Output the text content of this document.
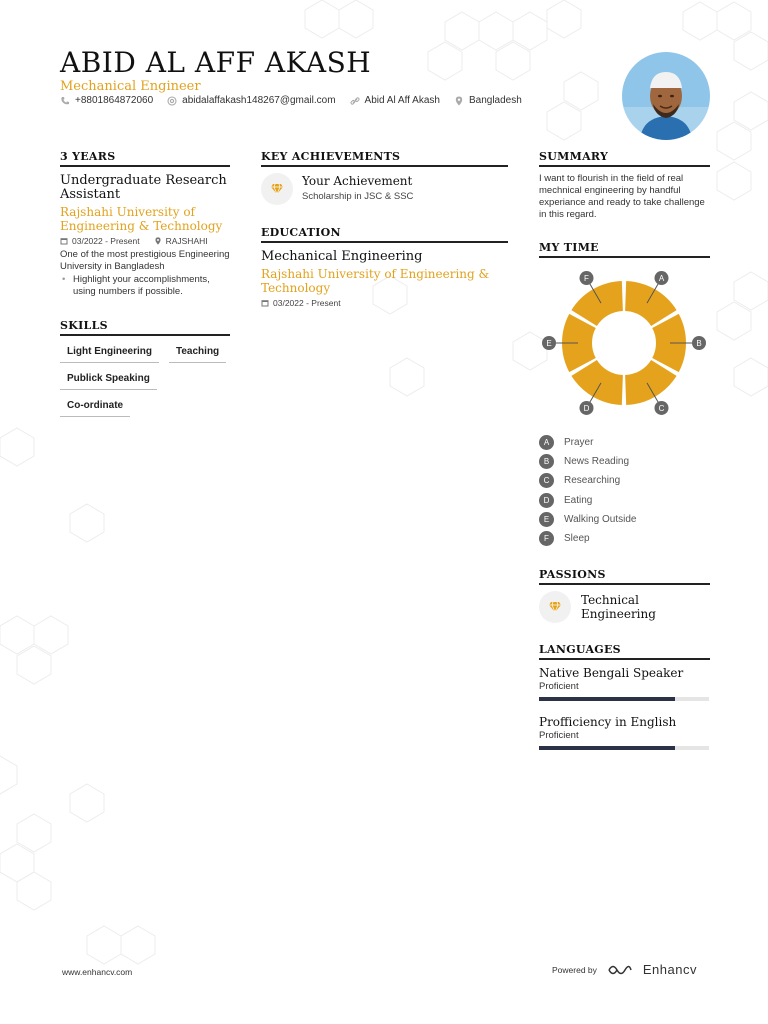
ABID AL AFF AKASH
Mechanical Engineer
+8801864872060	abidalaffakash148267@gmail.com	Abid Al Aff Akash	Bangladesh
3 YEARS
Undergraduate Research Assistant
Rajshahi University of Engineering & Technology
03/2022 - Present	RAJSHAHI
One of the most prestigious Engineering University in Bangladesh
• Highlight your accomplishments, using numbers if possible.
SKILLS
Light Engineering	Teaching
Publick Speaking
Co-ordinate
KEY ACHIEVEMENTS
Your Achievement
Scholarship in JSC & SSC
EDUCATION
Mechanical Engineering
Rajshahi University of Engineering & Technology
03/2022 - Present
SUMMARY
I want to flourish in the field of real mechnical engineering by handful experiance and ready to take challenge in this regard.
MY TIME
A
B
C
D
E
F
A	Prayer
B	News Reading
C	Researching
D	Eating
E	Walking Outside
F	Sleep
PASSIONS
Technical Engineering
LANGUAGES
Native Bengali Speaker
Proficient
Profficiency in English
Proficient
www.enhancv.com	Powered by	Enhancv
